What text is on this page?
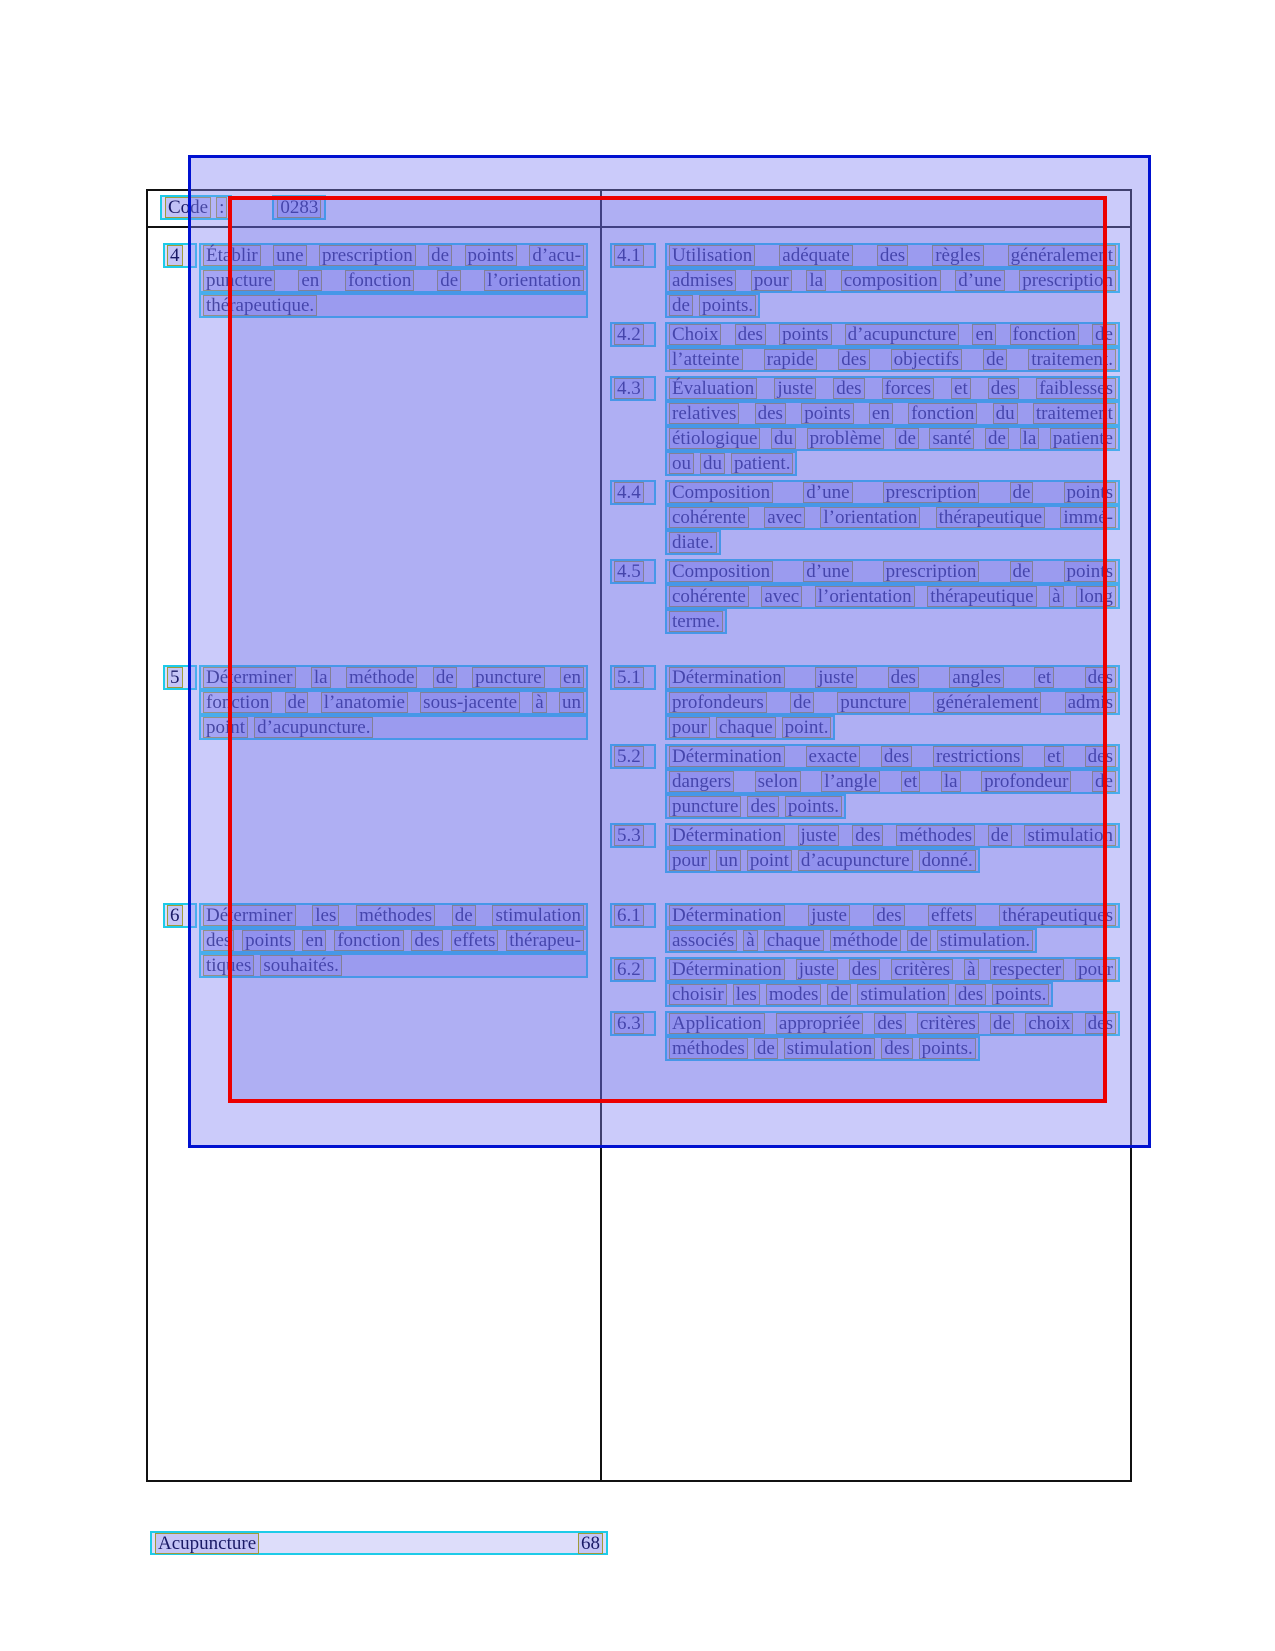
Code :	0283
4 Établir une prescription de points d’acu-
puncture en fonction de l’orientation
thérapeutique.
4.1 Utilisation adéquate des règles généralement
admises pour la composition d’une prescription
de points.
4.2 Choix des points d’acupuncture en fonction de
l’atteinte rapide des objectifs de traitement.
4.3 Évaluation juste des forces et des faiblesses
relatives des points en fonction du traitement
étiologique du problème de santé de la patiente
ou du patient.
4.4 Composition d’une prescription de points
cohérente avec l’orientation thérapeutique immé-
diate.
4.5 Composition d’une prescription de points
cohérente avec l’orientation thérapeutique à long
terme.
5 Déterminer la méthode de puncture en
fonction de l’anatomie sous-jacente à un
point d’acupuncture.
5.1 Détermination juste des angles et des
profondeurs de puncture généralement admis
pour chaque point.
5.2 Détermination exacte des restrictions et des
dangers selon l’angle et la profondeur de
puncture des points.
5.3 Détermination juste des méthodes de stimulation
pour un point d’acupuncture donné.
6 Déterminer les méthodes de stimulation
des points en fonction des effets thérapeu-
tiques souhaités.
6.1 Détermination juste des effets thérapeutiques
associés à chaque méthode de stimulation.
6.2 Détermination juste des critères à respecter pour
choisir les modes de stimulation des points.
6.3 Application appropriée des critères de choix des
méthodes de stimulation des points.
Acupuncture	68
